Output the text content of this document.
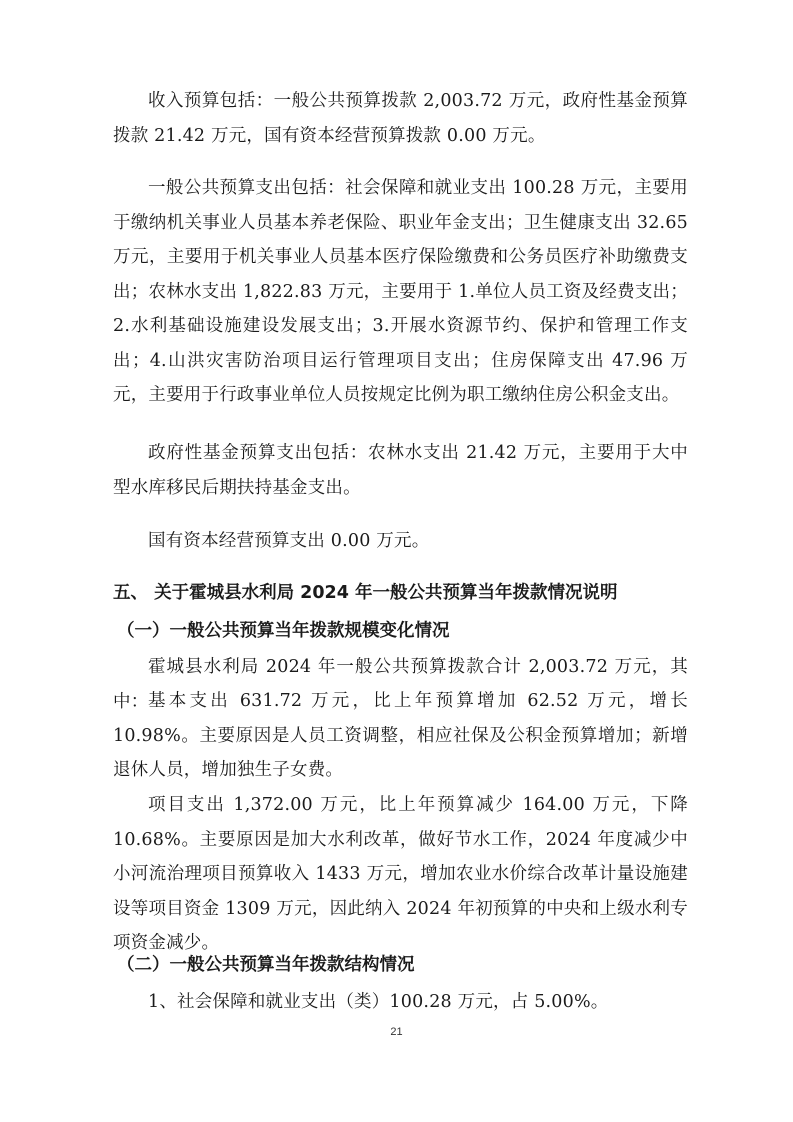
收入预算包括：一般公共预算拨款 2,003.72 万元，政府性基金预算拨款 21.42 万元，国有资本经营预算拨款 0.00 万元。

一般公共预算支出包括：社会保障和就业支出 100.28 万元，主要用于缴纳机关事业人员基本养老保险、职业年金支出；卫生健康支出 32.65 万元，主要用于机关事业人员基本医疗保险缴费和公务员医疗补助缴费支出；农林水支出 1,822.83 万元，主要用于 1.单位人员工资及经费支出；2.水利基础设施建设发展支出；3.开展水资源节约、保护和管理工作支出；4.山洪灾害防治项目运行管理项目支出；住房保障支出 47.96 万元，主要用于行政事业单位人员按规定比例为职工缴纳住房公积金支出。

政府性基金预算支出包括：农林水支出 21.42 万元，主要用于大中型水库移民后期扶持基金支出。

国有资本经营预算支出 0.00 万元。

五、 关于霍城县水利局 2024 年一般公共预算当年拨款情况说明
（一）一般公共预算当年拨款规模变化情况

霍城县水利局 2024 年一般公共预算拨款合计 2,003.72 万元，其中： 基本支出 631.72 万元，比上年预算增加 62.52 万元，增长 10.98%。主要原因是人员工资调整，相应社保及公积金预算增加；新增退休人员，增加独生子女费。

项目支出 1,372.00 万元，比上年预算减少 164.00 万元，下降 10.68%。主要原因是加大水利改革，做好节水工作，2024 年度减少中小河流治理项目预算收入 1433 万元，增加农业水价综合改革计量设施建设等项目资金 1309 万元，因此纳入 2024 年初预算的中央和上级水利专项资金减少。

（二）一般公共预算当年拨款结构情况

1、社会保障和就业支出（类）100.28 万元，占 5.00%。

21
